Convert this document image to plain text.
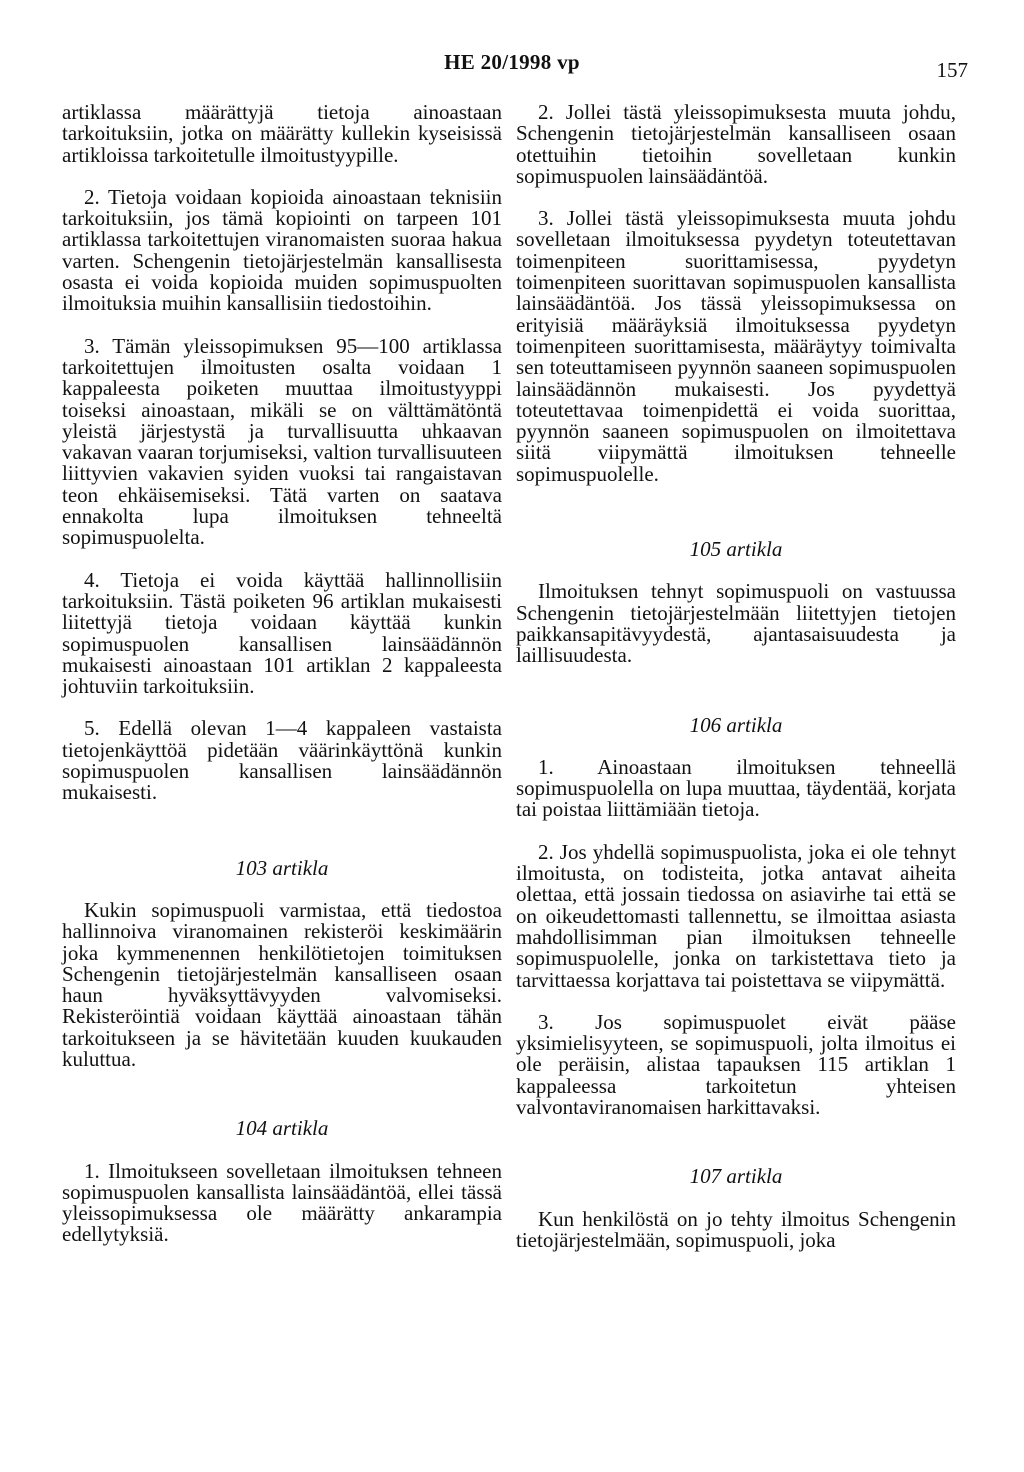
HE 20/1998 vp	157

artiklassa määrättyjä tietoja ainoastaan tarkoituksiin, jotka on määrätty kullekin kyseisissä artikloissa tarkoitetulle ilmoitustyypille.

2. Tietoja voidaan kopioida ainoastaan teknisiin tarkoituksiin, jos tämä kopiointi on tarpeen 101 artiklassa tarkoitettujen viranomaisten suoraa hakua varten. Schengenin tietojärjestelmän kansallisesta osasta ei voida kopioida muiden sopimuspuolten ilmoituksia muihin kansallisiin tiedostoihin.

3. Tämän yleissopimuksen 95—100 artiklassa tarkoitettujen ilmoitusten osalta voidaan 1 kappaleesta poiketen muuttaa ilmoitustyyppi toiseksi ainoastaan, mikäli se on välttämätöntä yleistä järjestystä ja turvallisuutta uhkaavan vakavan vaaran torjumiseksi, valtion turvallisuuteen liittyvien vakavien syiden vuoksi tai rangaistavan teon ehkäisemiseksi. Tätä varten on saatava ennakolta lupa ilmoituksen tehneeltä sopimuspuolelta.

4. Tietoja ei voida käyttää hallinnollisiin tarkoituksiin. Tästä poiketen 96 artiklan mukaisesti liitettyjä tietoja voidaan käyttää kunkin sopimuspuolen kansallisen lainsäädännön mukaisesti ainoastaan 101 artiklan 2 kappaleesta johtuviin tarkoituksiin.

5. Edellä olevan 1—4 kappaleen vastaista tietojenkäyttöä pidetään väärinkäyttönä kunkin sopimuspuolen kansallisen lainsäädännön mukaisesti.

103 artikla

Kukin sopimuspuoli varmistaa, että tiedostoa hallinnoiva viranomainen rekisteröi keskimäärin joka kymmenennen henkilötietojen toimituksen Schengenin tietojärjestelmän kansalliseen osaan haun hyväksyttävyyden valvomiseksi. Rekisteröintiä voidaan käyttää ainoastaan tähän tarkoitukseen ja se hävitetään kuuden kuukauden kuluttua.

104 artikla

1. Ilmoitukseen sovelletaan ilmoituksen tehneen sopimuspuolen kansallista lainsäädäntöä, ellei tässä yleissopimuksessa ole määrätty ankarampia edellytyksiä.

2. Jollei tästä yleissopimuksesta muuta johdu, Schengenin tietojärjestelmän kansalliseen osaan otettuihin tietoihin sovelletaan kunkin sopimuspuolen lainsäädäntöä.

3. Jollei tästä yleissopimuksesta muuta johdu sovelletaan ilmoituksessa pyydetyn toteutettavan toimenpiteen suorittamisessa, pyydetyn toimenpiteen suorittavan sopimuspuolen kansallista lainsäädäntöä. Jos tässä yleissopimuksessa on erityisiä määräyksiä ilmoituksessa pyydetyn toimenpiteen suorittamisesta, määräytyy toimivalta sen toteuttamiseen pyynnön saaneen sopimuspuolen lainsäädännön mukaisesti. Jos pyydettyä toteutettavaa toimenpidettä ei voida suorittaa, pyynnön saaneen sopimuspuolen on ilmoitettava siitä viipymättä ilmoituksen tehneelle sopimuspuolelle.

105 artikla

Ilmoituksen tehnyt sopimuspuoli on vastuussa Schengenin tietojärjestelmään liitettyjen tietojen paikkansapitävyydestä, ajantasaisuudesta ja laillisuudesta.

106 artikla

1. Ainoastaan ilmoituksen tehneellä sopimuspuolella on lupa muuttaa, täydentää, korjata tai poistaa liittämiään tietoja.

2. Jos yhdellä sopimuspuolista, joka ei ole tehnyt ilmoitusta, on todisteita, jotka antavat aiheita olettaa, että jossain tiedossa on asiavirhe tai että se on oikeudettomasti tallennettu, se ilmoittaa asiasta mahdollisimman pian ilmoituksen tehneelle sopimuspuolelle, jonka on tarkistettava tieto ja tarvittaessa korjattava tai poistettava se viipymättä.

3. Jos sopimuspuolet eivät pääse yksimielisyyteen, se sopimuspuoli, jolta ilmoitus ei ole peräisin, alistaa tapauksen 115 artiklan 1 kappaleessa tarkoitetun yhteisen valvontaviranomaisen harkittavaksi.

107 artikla

Kun henkilöstä on jo tehty ilmoitus Schengenin tietojärjestelmään, sopimuspuoli, joka
